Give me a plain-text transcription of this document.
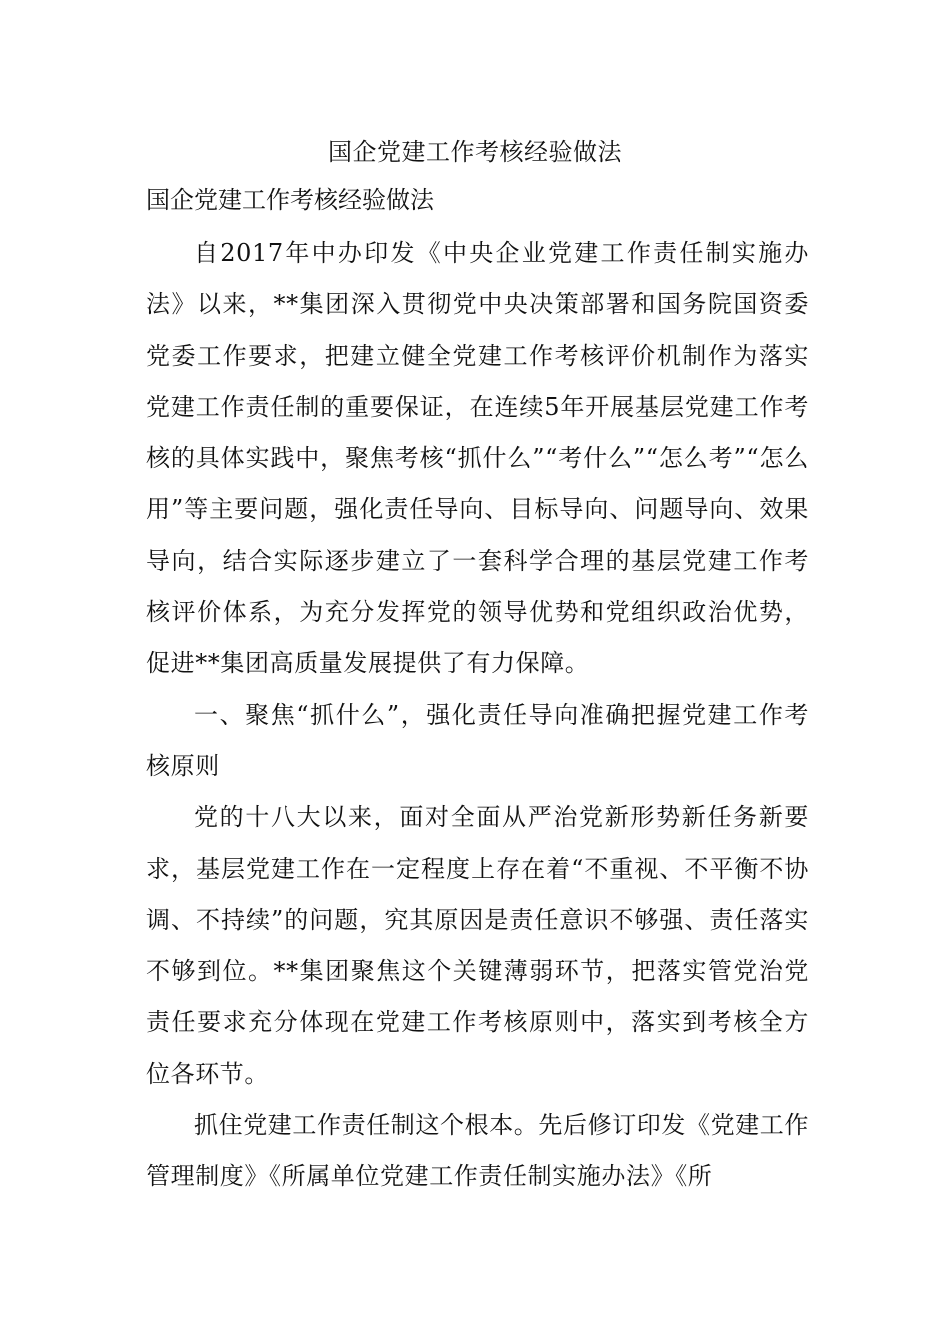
国企党建工作考核经验做法
国企党建工作考核经验做法

自2017年中办印发《中央企业党建工作责任制实施办法》以来，**集团深入贯彻党中央决策部署和国务院国资委党委工作要求，把建立健全党建工作考核评价机制作为落实党建工作责任制的重要保证，在连续5年开展基层党建工作考核的具体实践中，聚焦考核“抓什么”“考什么”“怎么考”“怎么用”等主要问题，强化责任导向、目标导向、问题导向、效果导向，结合实际逐步建立了一套科学合理的基层党建工作考核评价体系，为充分发挥党的领导优势和党组织政治优势，促进**集团高质量发展提供了有力保障。

一、聚焦“抓什么”，强化责任导向准确把握党建工作考核原则

党的十八大以来，面对全面从严治党新形势新任务新要求，基层党建工作在一定程度上存在着“不重视、不平衡不协调、不持续”的问题，究其原因是责任意识不够强、责任落实不够到位。**集团聚焦这个关键薄弱环节，把落实管党治党责任要求充分体现在党建工作考核原则中，落实到考核全方位各环节。

抓住党建工作责任制这个根本。先后修订印发《党建工作管理制度》《所属单位党建工作责任制实施办法》《所
